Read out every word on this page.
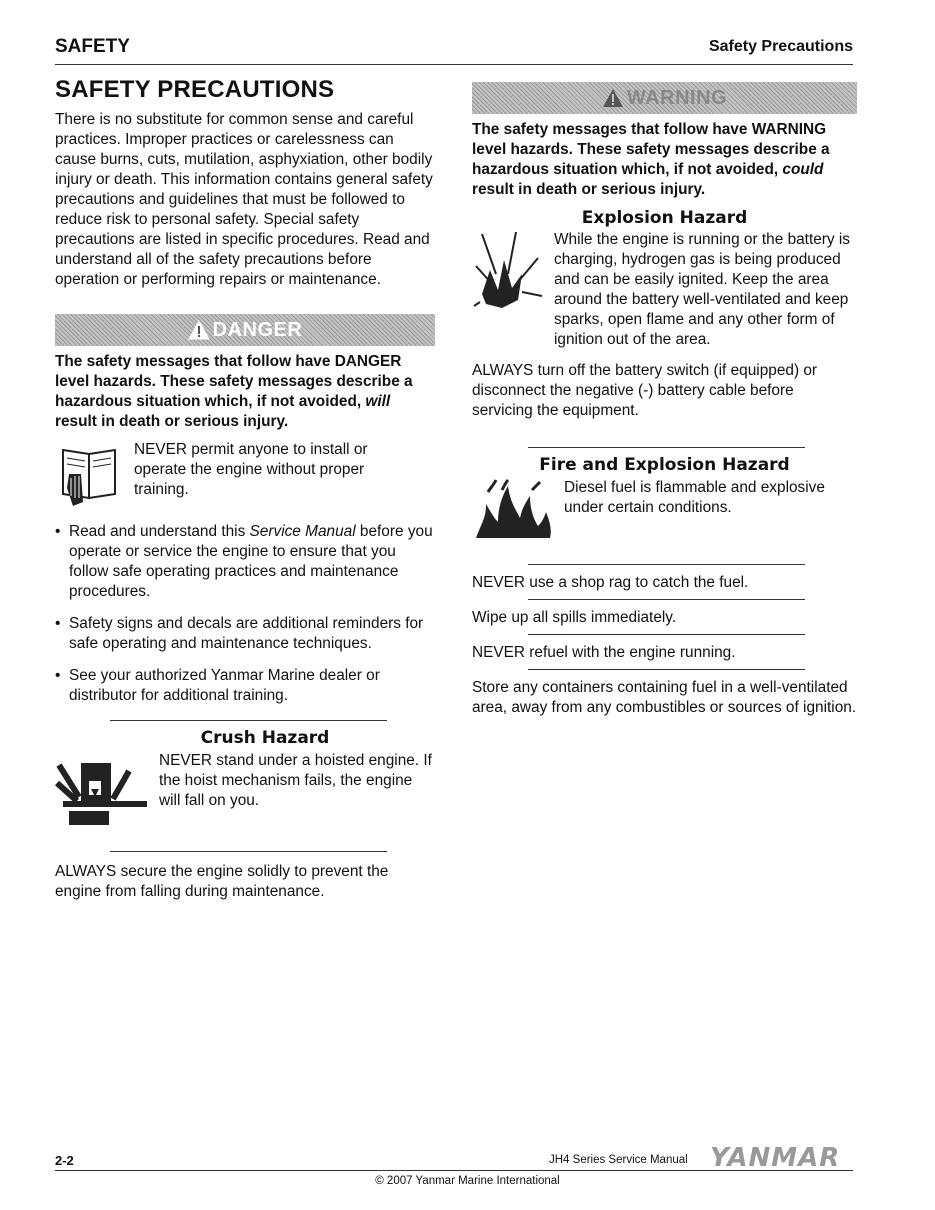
SAFETY	Safety Precautions
SAFETY PRECAUTIONS

There is no substitute for common sense and careful practices. Improper practices or carelessness can cause burns, cuts, mutilation, asphyxiation, other bodily injury or death. This information contains general safety precautions and guidelines that must be followed to reduce risk to personal safety. Special safety precautions are listed in specific procedures. Read and understand all of the safety precautions before operation or performing repairs or maintenance.

DANGER

The safety messages that follow have DANGER level hazards. These safety messages describe a hazardous situation which, if not avoided, will result in death or serious injury.

NEVER permit anyone to install or operate the engine without proper training.

• Read and understand this Service Manual before you operate or service the engine to ensure that you follow safe operating practices and maintenance procedures.
• Safety signs and decals are additional reminders for safe operating and maintenance techniques.
• See your authorized Yanmar Marine dealer or distributor for additional training.
Crush Hazard

NEVER stand under a hoisted engine. If the hoist mechanism fails, the engine will fall on you.

ALWAYS secure the engine solidly to prevent the engine from falling during maintenance.

WARNING

The safety messages that follow have WARNING level hazards. These safety messages describe a hazardous situation which, if not avoided, could result in death or serious injury.

Explosion Hazard

While the engine is running or the battery is charging, hydrogen gas is being produced and can be easily ignited. Keep the area around the battery well-ventilated and keep sparks, open flame and any other form of ignition out of the area.

ALWAYS turn off the battery switch (if equipped) or disconnect the negative (-) battery cable before servicing the equipment.

Fire and Explosion Hazard

Diesel fuel is flammable and explosive under certain conditions.

NEVER use a shop rag to catch the fuel.

Wipe up all spills immediately.

NEVER refuel with the engine running.

Store any containers containing fuel in a well-ventilated area, away from any combustibles or sources of ignition.

2-2	JH4 Series Service Manual YANMAR
© 2007 Yanmar Marine International
